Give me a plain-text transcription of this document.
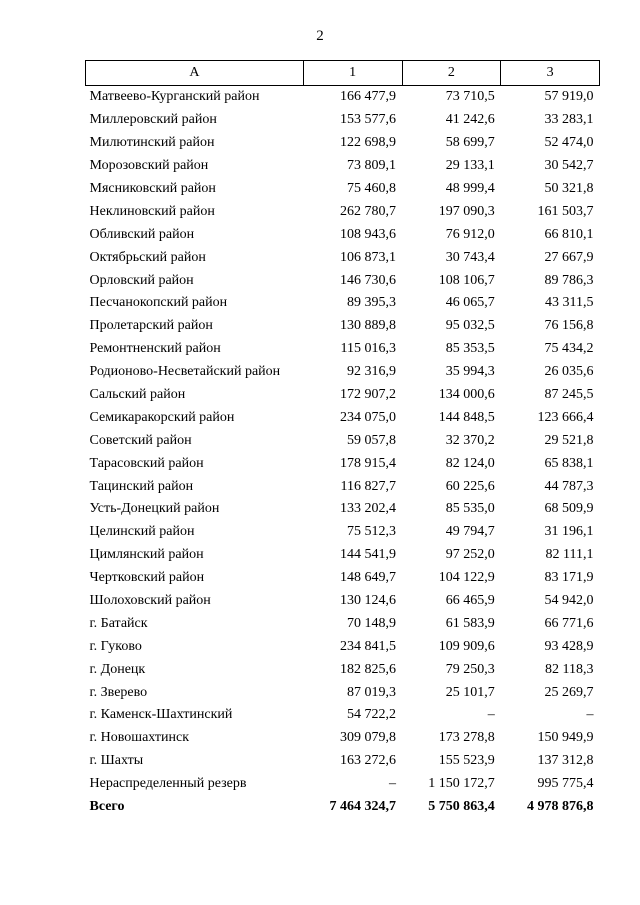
2
А	1	2	3
Матвеево-Курганский район	166 477,9	73 710,5	57 919,0
Миллеровский район	153 577,6	41 242,6	33 283,1
Милютинский район	122 698,9	58 699,7	52 474,0
Морозовский район	73 809,1	29 133,1	30 542,7
Мясниковский район	75 460,8	48 999,4	50 321,8
Неклиновский район	262 780,7	197 090,3	161 503,7
Обливский район	108 943,6	76 912,0	66 810,1
Октябрьский район	106 873,1	30 743,4	27 667,9
Орловский район	146 730,6	108 106,7	89 786,3
Песчанокопский район	89 395,3	46 065,7	43 311,5
Пролетарский район	130 889,8	95 032,5	76 156,8
Ремонтненский район	115 016,3	85 353,5	75 434,2
Родионово-Несветайский район	92 316,9	35 994,3	26 035,6
Сальский район	172 907,2	134 000,6	87 245,5
Семикаракорский район	234 075,0	144 848,5	123 666,4
Советский район	59 057,8	32 370,2	29 521,8
Тарасовский район	178 915,4	82 124,0	65 838,1
Тацинский район	116 827,7	60 225,6	44 787,3
Усть-Донецкий район	133 202,4	85 535,0	68 509,9
Целинский район	75 512,3	49 794,7	31 196,1
Цимлянский район	144 541,9	97 252,0	82 111,1
Чертковский район	148 649,7	104 122,9	83 171,9
Шолоховский район	130 124,6	66 465,9	54 942,0
г. Батайск	70 148,9	61 583,9	66 771,6
г. Гуково	234 841,5	109 909,6	93 428,9
г. Донецк	182 825,6	79 250,3	82 118,3
г. Зверево	87 019,3	25 101,7	25 269,7
г. Каменск-Шахтинский	54 722,2	–	–
г. Новошахтинск	309 079,8	173 278,8	150 949,9
г. Шахты	163 272,6	155 523,9	137 312,8
Нераспределенный резерв	–	1 150 172,7	995 775,4
Всего	7 464 324,7	5 750 863,4	4 978 876,8
